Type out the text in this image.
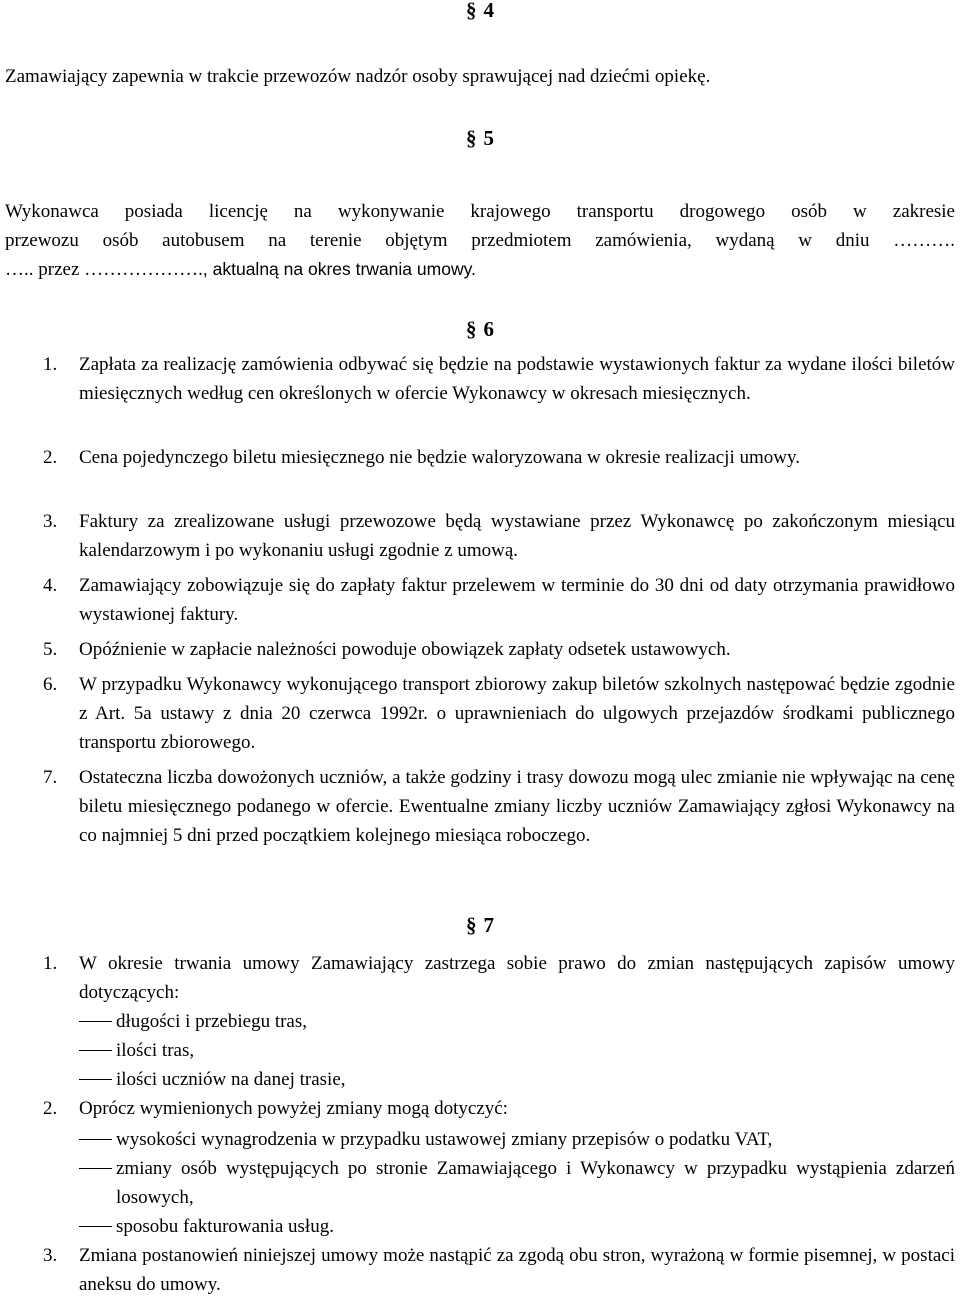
§ 4
Zamawiający zapewnia w trakcie przewozów nadzór osoby sprawującej nad dziećmi opiekę.
§ 5
Wykonawca posiada licencję na wykonywanie krajowego transportu drogowego osób w zakresie
przewozu osób autobusem na terenie objętym przedmiotem zamówienia, wydaną w dniu ……….
….. przez ………………., aktualną na okres trwania umowy.
§ 6
1. Zapłata za realizację zamówienia odbywać się będzie na podstawie wystawionych faktur za wydane ilości biletów miesięcznych według cen określonych w ofercie Wykonawcy w okresach miesięcznych.
2. Cena pojedynczego biletu miesięcznego nie będzie waloryzowana w okresie realizacji umowy.
3. Faktury za zrealizowane usługi przewozowe będą wystawiane przez Wykonawcę po zakończonym miesiącu kalendarzowym i po wykonaniu usługi zgodnie z umową.
4. Zamawiający zobowiązuje się do zapłaty faktur przelewem w terminie do 30 dni od daty otrzymania prawidłowo wystawionej faktury.
5. Opóźnienie w zapłacie należności powoduje obowiązek zapłaty odsetek ustawowych.
6. W przypadku Wykonawcy wykonującego transport zbiorowy zakup biletów szkolnych następować będzie zgodnie z Art. 5a ustawy z dnia 20 czerwca 1992r. o uprawnieniach do ulgowych przejazdów środkami publicznego transportu zbiorowego.
7. Ostateczna liczba dowożonych uczniów, a także godziny i trasy dowozu mogą ulec zmianie nie wpływając na cenę biletu miesięcznego podanego w ofercie. Ewentualne zmiany liczby uczniów Zamawiający zgłosi Wykonawcy na co najmniej 5 dni przed początkiem kolejnego miesiąca roboczego.
§ 7
1. W okresie trwania umowy Zamawiający zastrzega sobie prawo do zmian następujących zapisów umowy dotyczących:
długości i przebiegu tras,
ilości tras,
ilości uczniów na danej trasie,
2. Oprócz wymienionych powyżej zmiany mogą dotyczyć:
wysokości wynagrodzenia w przypadku ustawowej zmiany przepisów o podatku VAT,
zmiany osób występujących po stronie Zamawiającego i Wykonawcy w przypadku wystąpienia zdarzeń losowych,
sposobu fakturowania usług.
3. Zmiana postanowień niniejszej umowy może nastąpić za zgodą obu stron, wyrażoną w formie pisemnej, w postaci aneksu do umowy.
